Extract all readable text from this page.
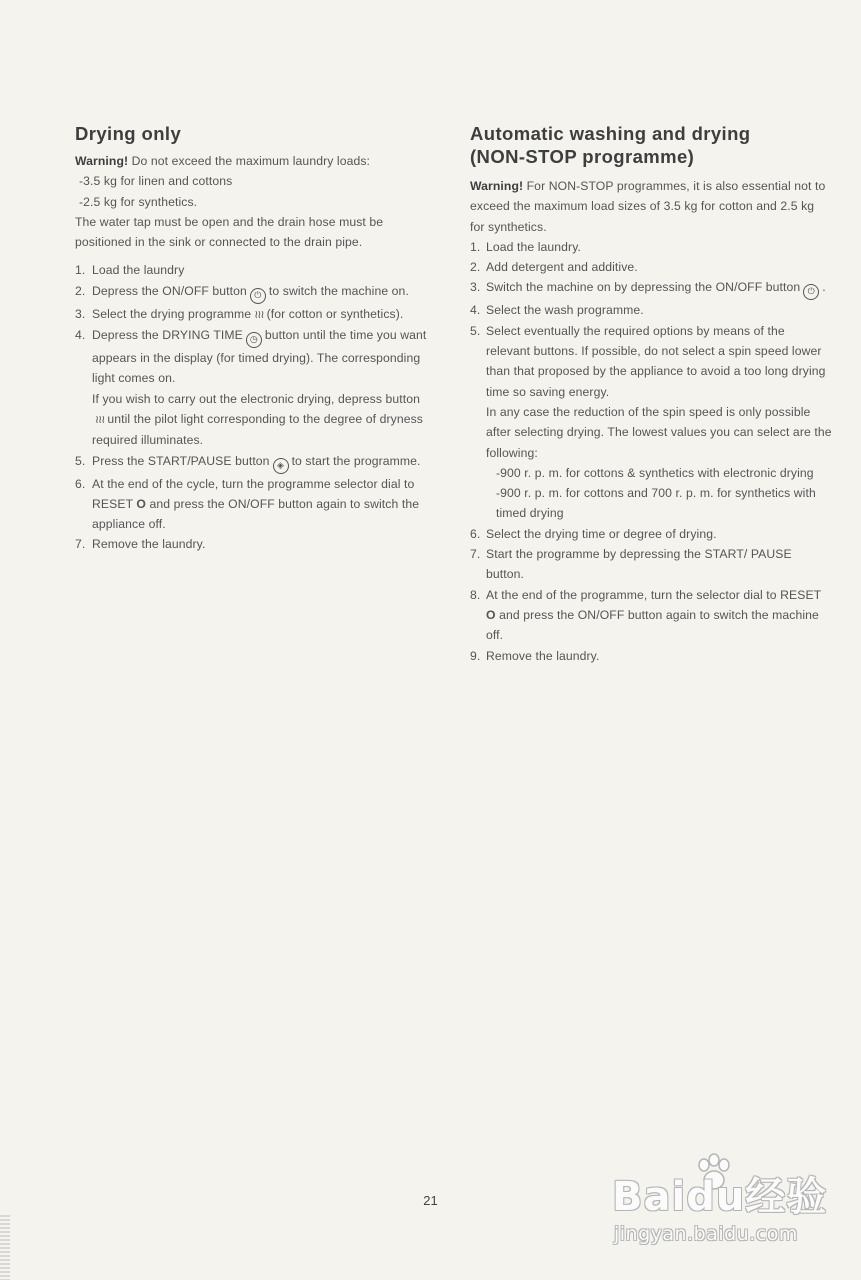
Drying only

Warning! Do not exceed the maximum laundry loads:

-3.5 kg for linen and cottons

-2.5 kg for synthetics.

The water tap must be open and the drain hose must be positioned in the sink or connected to the drain pipe.

1. Load the laundry
2. Depress the ON/OFF button ⏻ to switch the machine on.
3. Select the drying programme ≀≀≀ (for cotton or synthetics).
4. Depress the DRYING TIME ◷ button until the time you want appears in the display (for timed drying). The corresponding light comes on.
If you wish to carry out the electronic drying, depress button≀≀≀ until the pilot light corresponding to the degree of dryness required illuminates.
5. Press the START/PAUSE button ◈ to start the programme.
6. At the end of the cycle, turn the programme selector dial to RESET O and press the ON/OFF button again to switch the appliance off.
7. Remove the laundry.
Automatic washing and drying
(NON-STOP programme)

Warning! For NON-STOP programmes, it is also essential not to exceed the maximum load sizes of 3.5 kg for cotton and 2.5 kg for synthetics.

1. Load the laundry.
2. Add detergent and additive.
3. Switch the machine on by depressing the ON/OFF button ⏻ .
4. Select the wash programme.
5. Select eventually the required options by means of the relevant buttons. If possible, do not select a spin speed lower than that proposed by the appliance to avoid a too long drying time so saving energy.
In any case the reduction of the spin speed is only possible after selecting drying. The lowest values you can select are the following:
-900 r. p. m. for cottons & synthetics with electronic drying
-900 r. p. m. for cottons and 700 r. p. m. for synthetics with timed drying
6. Select the drying time or degree of drying.
7. Start the programme by depressing the START/ PAUSE button.
8. At the end of the programme, turn the selector dial to RESET O and press the ON/OFF button again to switch the machine off.
9. Remove the laundry.
21	Baidu经验
jingyan.baidu.com
